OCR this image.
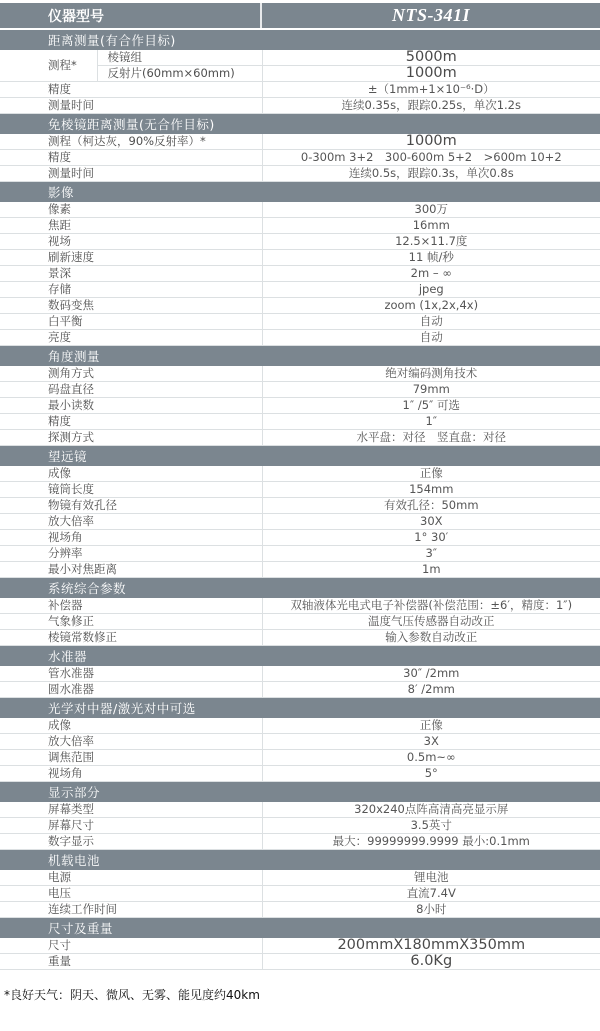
仪器型号	NTS-341I
距离测量(有合作目标)		
测程*	棱镜组	5000m
	反射片(60mm×60mm)	1000m
精度		±（1mm+1×10⁻⁶·D）
测量时间		连续0.35s，跟踪0.25s，单次1.2s
免棱镜距离测量(无合作目标)		
测程（柯达灰，90%反射率）*		1000m
精度		0-300m 3+2　300-600m 5+2　>600m 10+2
测量时间		连续0.5s，跟踪0.3s，单次0.8s
影像		
像素		300万
焦距		16mm
视场		12.5×11.7度
刷新速度		11 帧/秒
景深		2m – ∞
存储		jpeg
数码变焦		zoom (1x,2x,4x)
白平衡		自动
亮度		自动
角度测量		
测角方式		绝对编码测角技术
码盘直径		79mm
最小读数		1″ /5″ 可选
精度		1″
探测方式		水平盘：对径　竖直盘：对径
望远镜		
成像		正像
镜筒长度		154mm
物镜有效孔径		有效孔径：50mm
放大倍率		30X
视场角		1° 30′
分辨率		3″
最小对焦距离		1m
系统综合参数		
补偿器		双轴液体光电式电子补偿器(补偿范围：±6′，精度：1″)
气象修正		温度气压传感器自动改正
棱镜常数修正		输入参数自动改正
水准器		
管水准器		30″ /2mm
圆水准器		8′ /2mm
光学对中器/激光对中可选		
成像		正像
放大倍率		3X
调焦范围		0.5m~∞
视场角		5°
显示部分		
屏幕类型		320x240点阵高清高亮显示屏
屏幕尺寸		3.5英寸
数字显示		最大：99999999.9999 最小:0.1mm
机载电池		
电源		锂电池
电压		直流7.4V
连续工作时间		8小时
尺寸及重量		
尺寸		200mmX180mmX350mm
重量		6.0Kg
*良好天气：阴天、微风、无雾、能见度约40km
